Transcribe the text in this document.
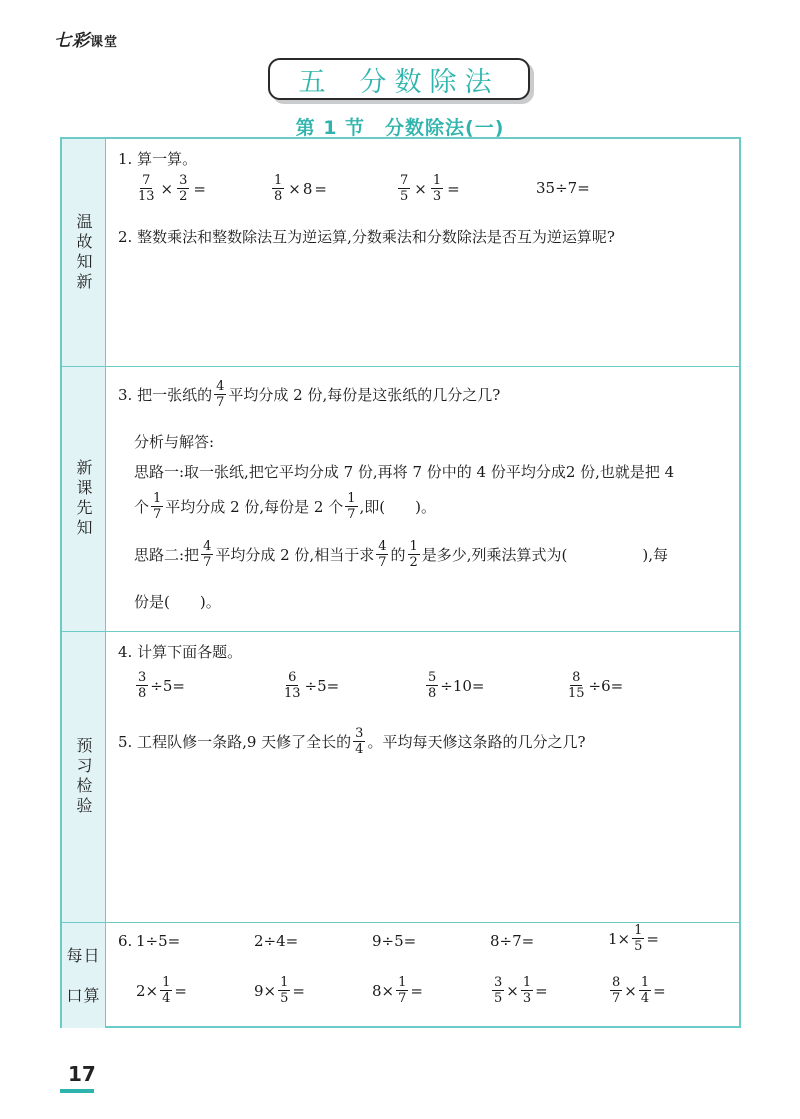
七彩课堂
五 分数除法
第 1 节　分数除法(一)
温故知新
1. 算一算。
$\frac{7}{13} \times \frac{3}{2}$ =	$\frac{1}{8} \times 8$ =	$\frac{7}{5} \times \frac{1}{3}$ =	35÷7=
2. 整数乘法和整数除法互为逆运算,分数乘法和分数除法是否互为逆运算呢?
新课先知
3. 把一张纸的 $\frac{4}{7}$ 平均分成 2 份,每份是这张纸的几分之几?
分析与解答:
思路一:取一张纸,把它平均分成 7 份,再将 7 份中的 4 份平均分成2 份,也就是把 4
个 $\frac{1}{7}$ 平均分成 2 份,每份是 2 个 $\frac{1}{7}$ ,即(　　)。
思路二:把 $\frac{4}{7}$ 平均分成 2 份,相当于求 $\frac{4}{7}$ 的 $\frac{1}{2}$ 是多少,列乘法算式为(　　　　　),每
份是(　　)。
预习检验
4. 计算下面各题。
$\frac{3}{8} \div 5=$	$\frac{6}{13} \div 5=$	$\frac{5}{8} \div 10=$	$\frac{8}{15} \div 6=$
5. 工程队修一条路,9 天修了全长的 $\frac{3}{4}$ 。平均每天修这条路的几分之几?
每日
口算
6. 1÷5=	2÷4=	9÷5=	8÷7=	$1\times \frac{1}{5}$ =
$2\times \frac{1}{4}$ =	$9\times \frac{1}{5}$ =	$8\times \frac{1}{7}$ =	$\frac{3}{5} \times \frac{1}{3}$ =	$\frac{8}{7} \times \frac{1}{4}$ =
17
